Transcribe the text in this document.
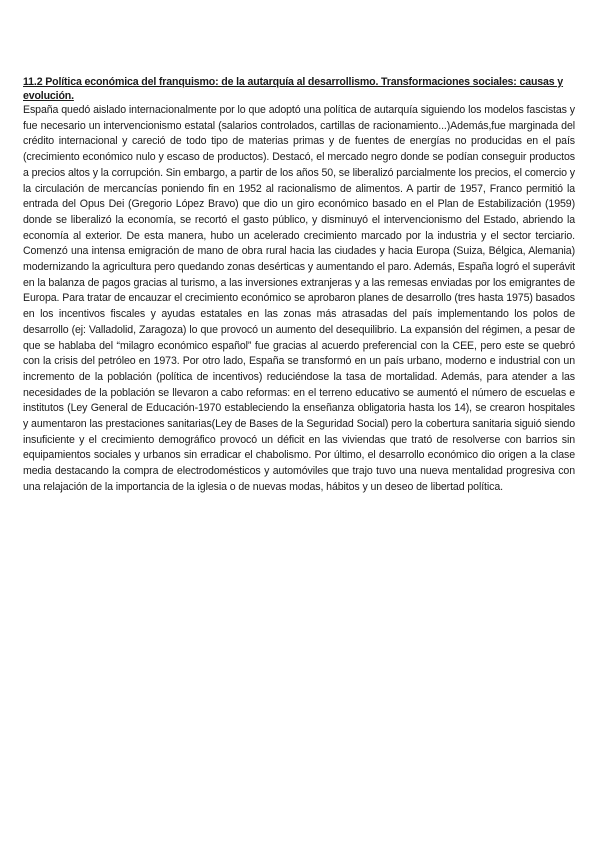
11.2 Política económica del franquismo: de la autarquía al desarrollismo. Transformaciones sociales: causas y evolución.

España quedó aislado internacionalmente por lo que adoptó una política de autarquía siguiendo los modelos fascistas y fue necesario un intervencionismo estatal (salarios controlados, cartillas de racionamiento...)Además,fue marginada del crédito internacional y careció de todo tipo de materias primas y de fuentes de energías no producidas en el país (crecimiento económico nulo y escaso de productos). Destacó, el mercado negro donde se podían conseguir productos a precios altos y la corrupción. Sin embargo, a partir de los años 50, se liberalizó parcialmente los precios, el comercio y la circulación de mercancías poniendo fin en 1952 al racionalismo de alimentos. A partir de 1957, Franco permitió la entrada del Opus Dei (Gregorio López Bravo) que dio un giro económico basado en el Plan de Estabilización (1959) donde se liberalizó la economía, se recortó el gasto público, y disminuyó el intervencionismo del Estado, abriendo la economía al exterior. De esta manera, hubo un acelerado crecimiento marcado por la industria y el sector terciario. Comenzó una intensa emigración de mano de obra rural hacia las ciudades y hacia Europa (Suiza, Bélgica, Alemania) modernizando la agricultura pero quedando zonas desérticas y aumentando el paro. Además, España logró el superávit en la balanza de pagos gracias al turismo, a las inversiones extranjeras y a las remesas enviadas por los emigrantes de Europa. Para tratar de encauzar el crecimiento económico se aprobaron planes de desarrollo (tres hasta 1975) basados en los incentivos fiscales y ayudas estatales en las zonas más atrasadas del país implementando los polos de desarrollo (ej: Valladolid, Zaragoza) lo que provocó un aumento del desequilibrio. La expansión del régimen, a pesar de que se hablaba del “milagro económico español” fue gracias al acuerdo preferencial con la CEE, pero este se quebró con la crisis del petróleo en 1973. Por otro lado, España se transformó en un país urbano, moderno e industrial con un incremento de la población (política de incentivos) reduciéndose la tasa de mortalidad. Además, para atender a las necesidades de la población se llevaron a cabo reformas: en el terreno educativo se aumentó el número de escuelas e institutos (Ley General de Educación-1970 estableciendo la enseñanza obligatoria hasta los 14), se crearon hospitales y aumentaron las prestaciones sanitarias(Ley de Bases de la Seguridad Social) pero la cobertura sanitaria siguió siendo insuficiente y el crecimiento demográfico provocó un déficit en las viviendas que trató de resolverse con barrios sin equipamientos sociales y urbanos sin erradicar el chabolismo. Por último, el desarrollo económico dio origen a la clase media destacando la compra de electrodomésticos y automóviles que trajo tuvo una nueva mentalidad progresiva con una relajación de la importancia de la iglesia o de nuevas modas, hábitos y un deseo de libertad política.
